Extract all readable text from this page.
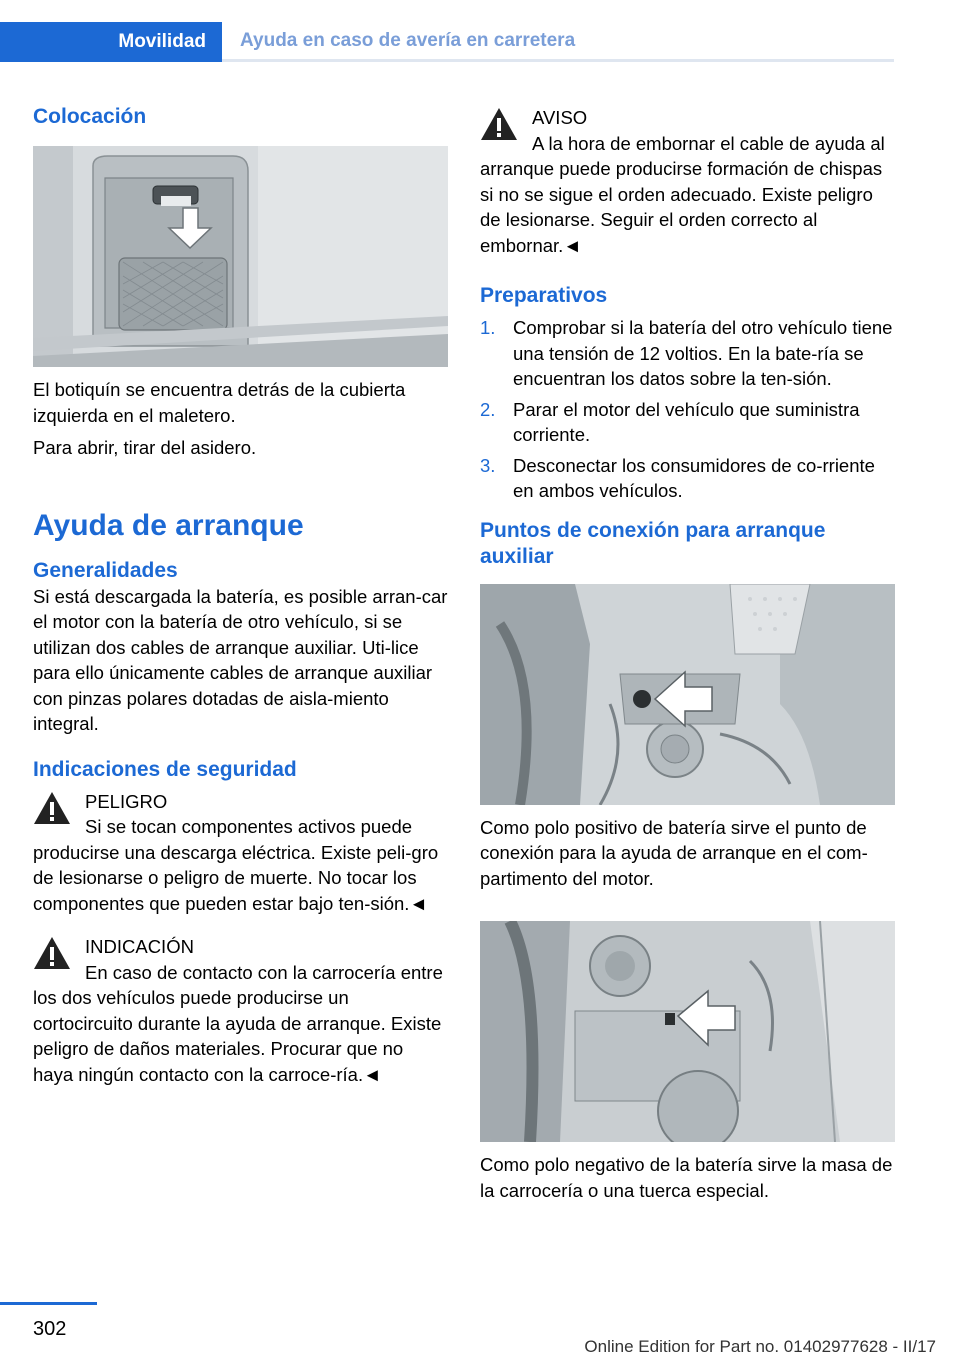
Movilidad	Ayuda en caso de avería en carretera
Colocación

El botiquín se encuentra detrás de la cubierta izquierda en el maletero.

Para abrir, tirar del asidero.

Ayuda de arranque
Generalidades

Si está descargada la batería, es posible arran‐car el motor con la batería de otro vehículo, si se utilizan dos cables de arranque auxiliar. Uti‐lice para ello únicamente cables de arranque auxiliar con pinzas polares dotadas de aisla‐miento integral.

Indicaciones de seguridad

PELIGRO

Si se tocan componentes activos puede producirse una descarga eléctrica. Existe peli‐gro de lesionarse o peligro de muerte. No tocar los componentes que pueden estar bajo ten‐sión.◄

INDICACIÓN

En caso de contacto con la carrocería entre los dos vehículos puede producirse un cortocircuito durante la ayuda de arranque. Existe peligro de daños materiales. Procurar que no haya ningún contacto con la carroce‐ría.◄

AVISO

A la hora de embornar el cable de ayuda al arranque puede producirse formación de chispas si no se sigue el orden adecuado. Existe peligro de lesionarse. Seguir el orden correcto al embornar.◄

Preparativos
1. Comprobar si la batería del otro vehículo tiene una tensión de 12 voltios. En la bate‐ría se encuentran los datos sobre la ten‐sión.
2. Parar el motor del vehículo que suministra corriente.
3. Desconectar los consumidores de co‐rriente en ambos vehículos.
Puntos de conexión para arranque auxiliar

Como polo positivo de batería sirve el punto de conexión para la ayuda de arranque en el com‐partimento del motor.

Como polo negativo de la batería sirve la masa de la carrocería o una tuerca especial.

302
Online Edition for Part no. 01402977628 - II/17
